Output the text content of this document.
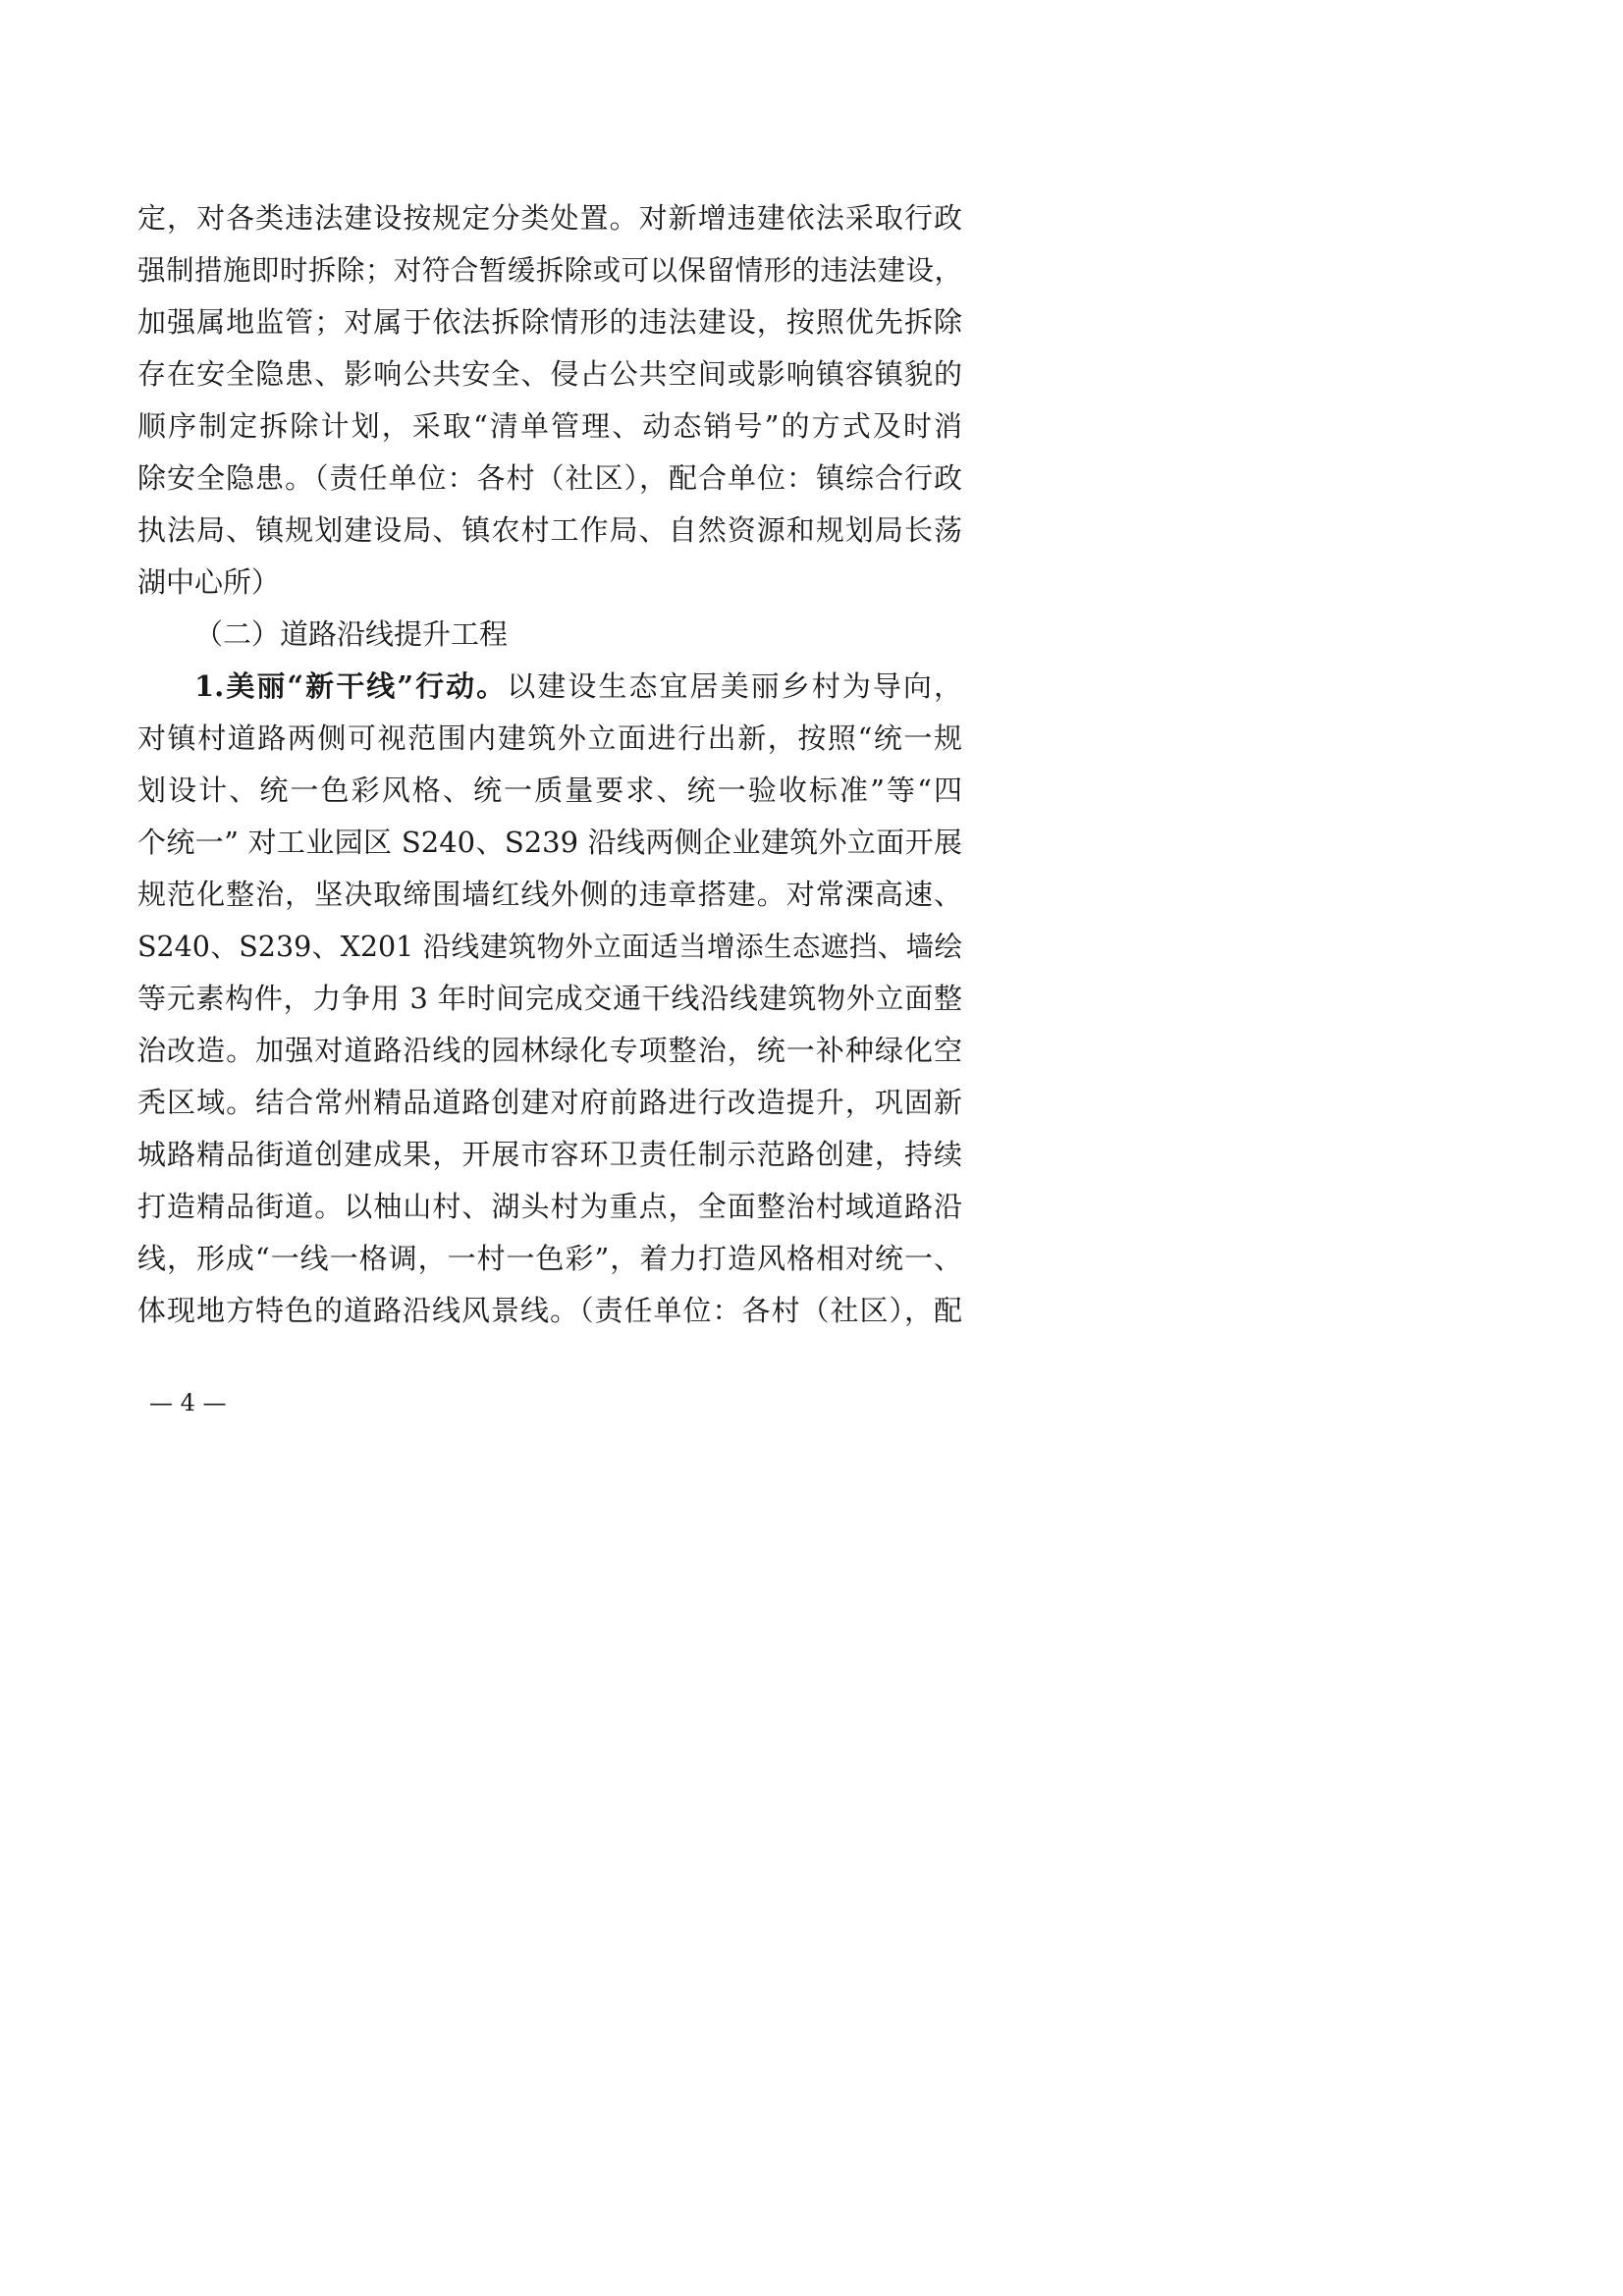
定，对各类违法建设按规定分类处置。对新增违建依法采取行政
强制措施即时拆除；对符合暂缓拆除或可以保留情形的违法建设，
加强属地监管；对属于依法拆除情形的违法建设，按照优先拆除
存在安全隐患、影响公共安全、侵占公共空间或影响镇容镇貌的
顺序制定拆除计划，采取“清单管理、动态销号”的方式及时消
除安全隐患。（责任单位：各村（社区），配合单位：镇综合行政
执法局、镇规划建设局、镇农村工作局、自然资源和规划局长荡
湖中心所）
（二）道路沿线提升工程
1.美丽“新干线”行动。以建设生态宜居美丽乡村为导向，
对镇村道路两侧可视范围内建筑外立面进行出新，按照“统一规
划设计、统一色彩风格、统一质量要求、统一验收标准”等“四
个统一” 对工业园区 S240、S239 沿线两侧企业建筑外立面开展
规范化整治，坚决取缔围墙红线外侧的违章搭建。对常溧高速、
S240、S239、X201 沿线建筑物外立面适当增添生态遮挡、墙绘
等元素构件，力争用 3 年时间完成交通干线沿线建筑物外立面整
治改造。加强对道路沿线的园林绿化专项整治，统一补种绿化空
秃区域。结合常州精品道路创建对府前路进行改造提升，巩固新
城路精品街道创建成果，开展市容环卫责任制示范路创建，持续
打造精品街道。以柚山村、湖头村为重点，全面整治村域道路沿
线，形成“一线一格调，一村一色彩”，着力打造风格相对统一、
体现地方特色的道路沿线风景线。（责任单位：各村（社区），配
— 4 —
